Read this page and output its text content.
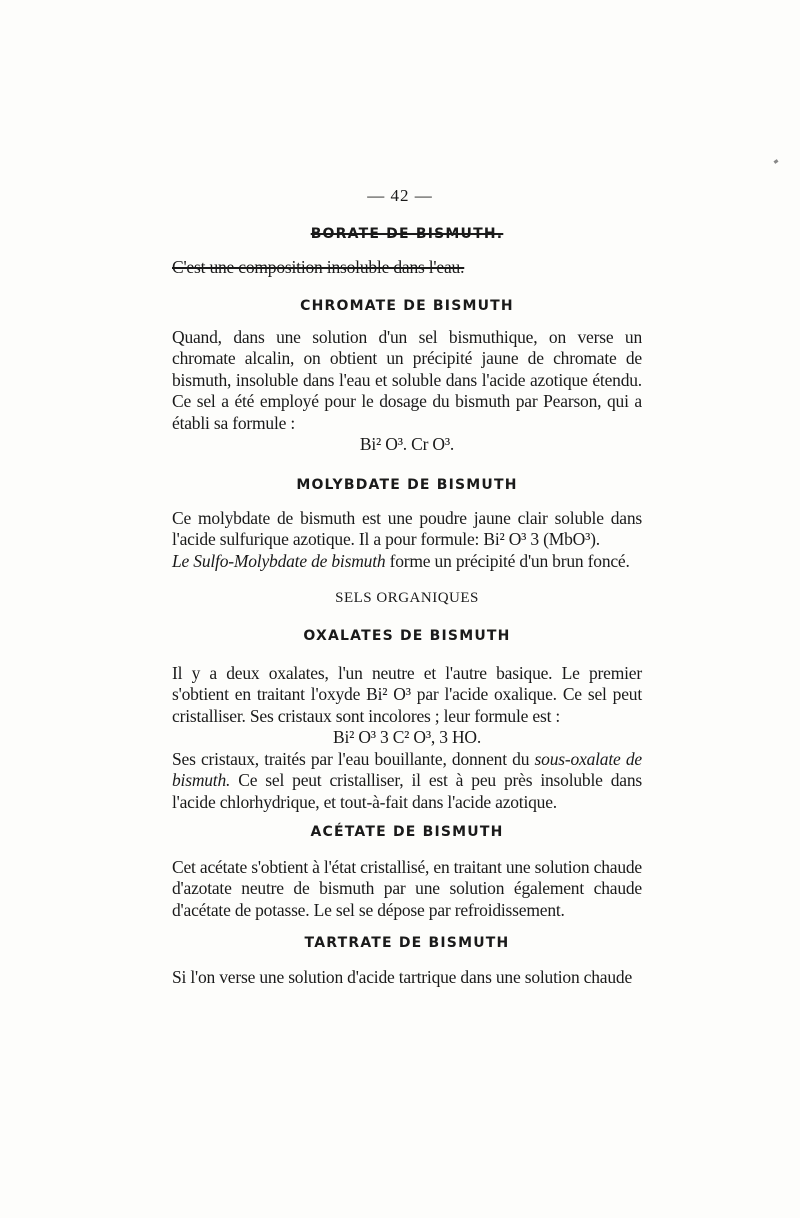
— 42 —
BORATE DE BISMUTH.

C'est une composition insoluble dans l'eau.

CHROMATE DE BISMUTH

Quand, dans une solution d'un sel bismuthique, on verse un chromate alcalin, on obtient un précipité jaune de chromate de bismuth, insoluble dans l'eau et soluble dans l'acide azotique étendu. Ce sel a été employé pour le dosage du bismuth par Pearson, qui a établi sa formule :

Bi² O³. Cr O³.

MOLYBDATE DE BISMUTH

Ce molybdate de bismuth est une poudre jaune clair soluble dans l'acide sulfurique azotique. Il a pour formule: Bi² O³ 3 (MbO³).

Le Sulfo-Molybdate de bismuth forme un précipité d'un brun foncé.

SELS ORGANIQUES

OXALATES DE BISMUTH

Il y a deux oxalates, l'un neutre et l'autre basique. Le premier s'obtient en traitant l'oxyde Bi² O³ par l'acide oxalique. Ce sel peut cristalliser. Ses cristaux sont incolores ; leur formule est :

Bi² O³ 3 C² O³, 3 HO.

Ses cristaux, traités par l'eau bouillante, donnent du sous-oxalate de bismuth. Ce sel peut cristalliser, il est à peu près insoluble dans l'acide chlorhydrique, et tout-à-fait dans l'acide azotique.

ACÉTATE DE BISMUTH

Cet acétate s'obtient à l'état cristallisé, en traitant une solution chaude d'azotate neutre de bismuth par une solution également chaude d'acétate de potasse. Le sel se dépose par refroidissement.

TARTRATE DE BISMUTH

Si l'on verse une solution d'acide tartrique dans une solution chaude
